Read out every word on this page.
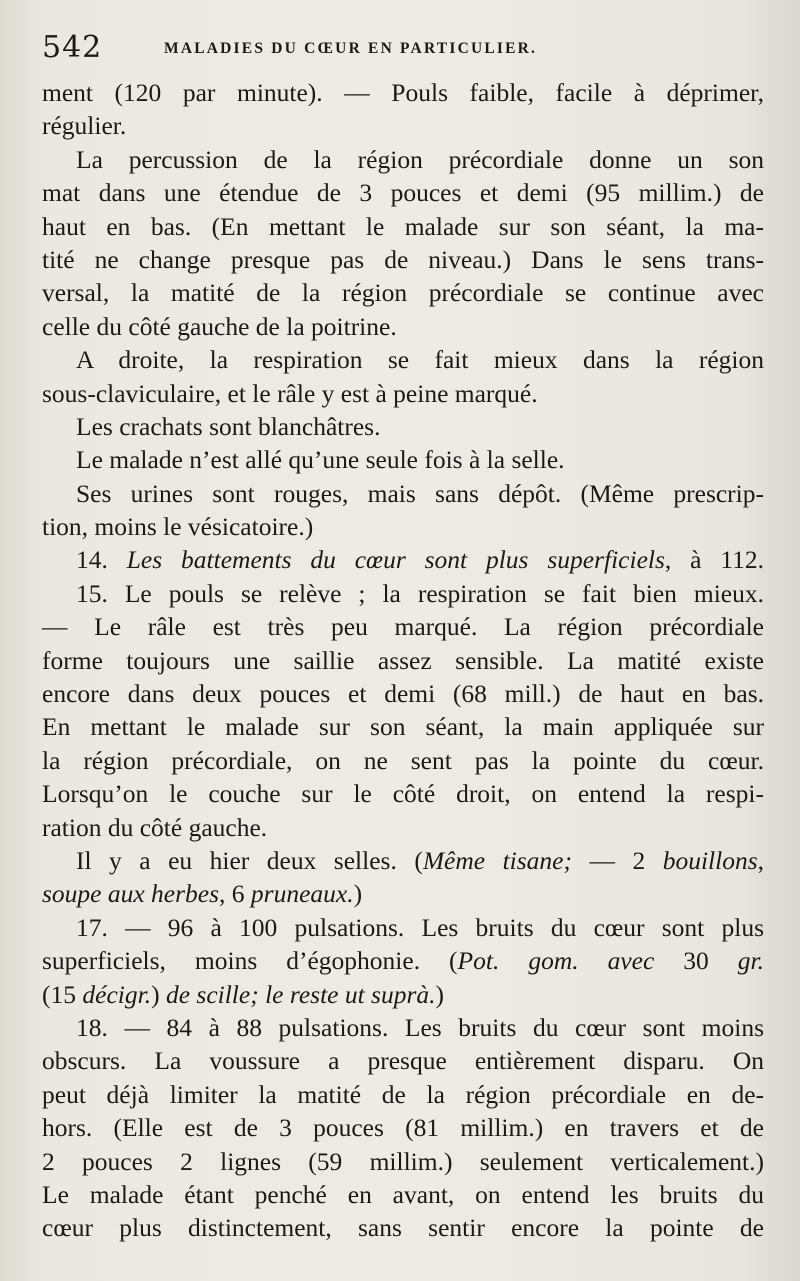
542	MALADIES DU CŒUR EN PARTICULIER.
ment (120 par minute). — Pouls faible, facile à déprimer,
régulier.
La percussion de la région précordiale donne un son
mat dans une étendue de 3 pouces et demi (95 millim.) de
haut en bas. (En mettant le malade sur son séant, la ma-
tité ne change presque pas de niveau.) Dans le sens trans-
versal, la matité de la région précordiale se continue avec
celle du côté gauche de la poitrine.
A droite, la respiration se fait mieux dans la région
sous-claviculaire, et le râle y est à peine marqué.
Les crachats sont blanchâtres.
Le malade n’est allé qu’une seule fois à la selle.
Ses urines sont rouges, mais sans dépôt. (Même prescrip-
tion, moins le vésicatoire.)
14. Les battements du cœur sont plus superficiels, à 112.
15. Le pouls se relève ; la respiration se fait bien mieux.
— Le râle est très peu marqué. La région précordiale
forme toujours une saillie assez sensible. La matité existe
encore dans deux pouces et demi (68 mill.) de haut en bas.
En mettant le malade sur son séant, la main appliquée sur
la région précordiale, on ne sent pas la pointe du cœur.
Lorsqu’on le couche sur le côté droit, on entend la respi-
ration du côté gauche.
Il y a eu hier deux selles. (Même tisane; — 2 bouillons,
soupe aux herbes, 6 pruneaux.)
17. — 96 à 100 pulsations. Les bruits du cœur sont plus
superficiels, moins d’égophonie. (Pot. gom. avec 30 gr.
(15 décigr.) de scille; le reste ut suprà.)
18. — 84 à 88 pulsations. Les bruits du cœur sont moins
obscurs. La voussure a presque entièrement disparu. On
peut déjà limiter la matité de la région précordiale en de-
hors. (Elle est de 3 pouces (81 millim.) en travers et de
2 pouces 2 lignes (59 millim.) seulement verticalement.)
Le malade étant penché en avant, on entend les bruits du
cœur plus distinctement, sans sentir encore la pointe de
